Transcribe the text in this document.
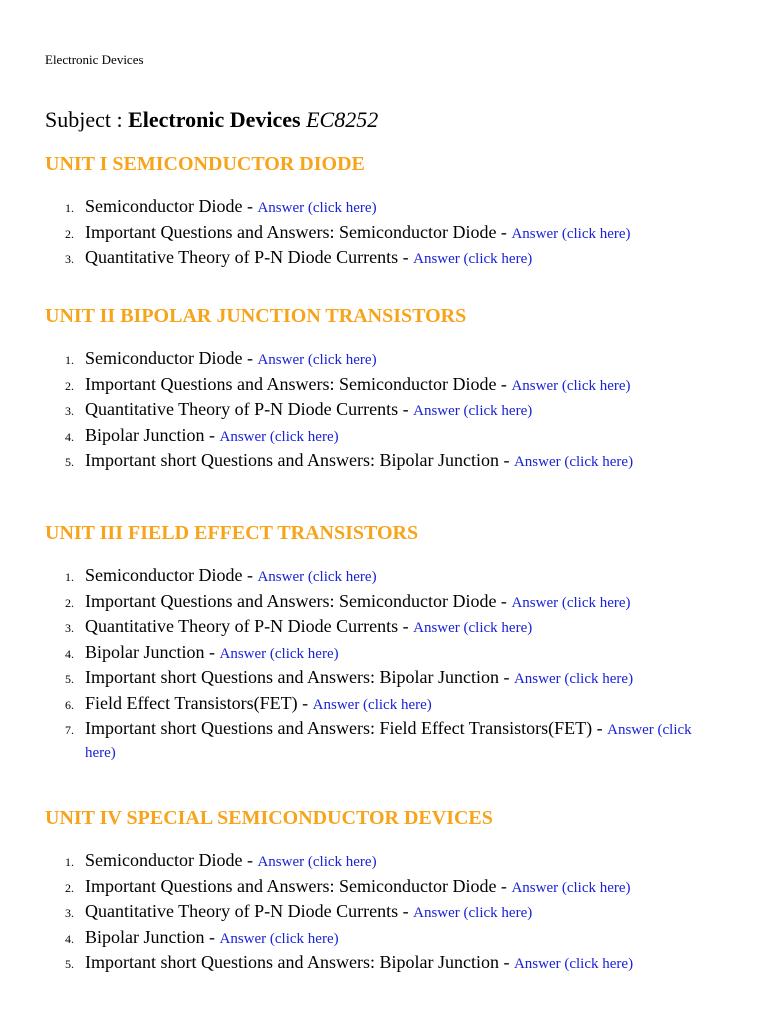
Electronic Devices
Subject : Electronic Devices EC8252
UNIT I SEMICONDUCTOR DIODE
1. Semiconductor Diode - Answer (click here)
2. Important Questions and Answers: Semiconductor Diode - Answer (click here)
3. Quantitative Theory of P-N Diode Currents - Answer (click here)
UNIT II BIPOLAR JUNCTION TRANSISTORS
1. Semiconductor Diode - Answer (click here)
2. Important Questions and Answers: Semiconductor Diode - Answer (click here)
3. Quantitative Theory of P-N Diode Currents - Answer (click here)
4. Bipolar Junction - Answer (click here)
5. Important short Questions and Answers: Bipolar Junction - Answer (click here)
UNIT III FIELD EFFECT TRANSISTORS
1. Semiconductor Diode - Answer (click here)
2. Important Questions and Answers: Semiconductor Diode - Answer (click here)
3. Quantitative Theory of P-N Diode Currents - Answer (click here)
4. Bipolar Junction - Answer (click here)
5. Important short Questions and Answers: Bipolar Junction - Answer (click here)
6. Field Effect Transistors(FET) - Answer (click here)
7. Important short Questions and Answers: Field Effect Transistors(FET) - Answer (click here)
UNIT IV SPECIAL SEMICONDUCTOR DEVICES
1. Semiconductor Diode - Answer (click here)
2. Important Questions and Answers: Semiconductor Diode - Answer (click here)
3. Quantitative Theory of P-N Diode Currents - Answer (click here)
4. Bipolar Junction - Answer (click here)
5. Important short Questions and Answers: Bipolar Junction - Answer (click here)
